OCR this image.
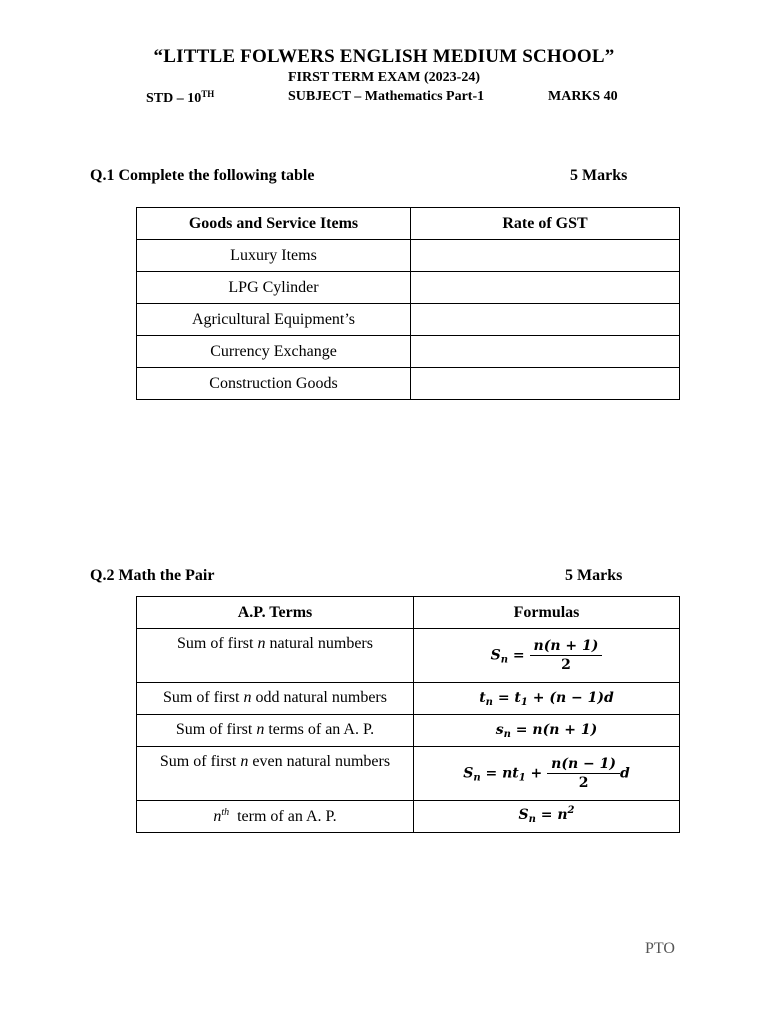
“LITTLE FOLWERS ENGLISH MEDIUM SCHOOL”
FIRST TERM EXAM (2023-24)
STD – 10TH	SUBJECT – Mathematics Part-1	MARKS 40
Q.1 Complete the following table	5 Marks
Goods and Service Items	Rate of GST
Luxury Items	
LPG Cylinder	
Agricultural Equipment’s	
Currency Exchange	
Construction Goods	
Q.2 Math the Pair	5 Marks
A.P. Terms	Formulas
Sum of first n natural numbers	$S_n = \frac{n(n + 1)}{2}$

Sum of first n odd natural numbers	$t_n = t_1 + (n - 1)d$
Sum of first n terms of an A. P.	$s_n = n(n + 1)$
Sum of first n even natural numbers	$S_n = nt_1 + \frac{n(n - 1)}{2}$ d
$n^{th}$  term of an A. P.	$S_n = n^2$
PTO
